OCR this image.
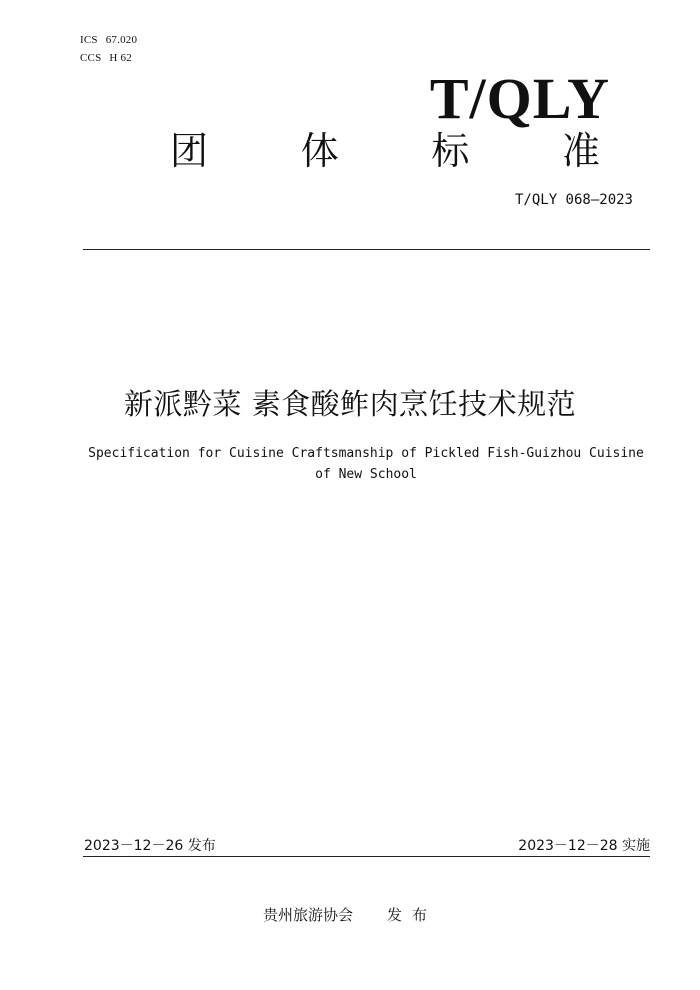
ICS 67.020
CCS H 62
T/QLY
团 体 标 准
T/QLY 068—2023
新派黔菜 素食酸鲊肉烹饪技术规范
Specification for Cuisine Craftsmanship of Pickled Fish-Guizhou Cuisine
of New School
2023－12－26 发布	2023－12－28 实施
贵州旅游协会 发布
